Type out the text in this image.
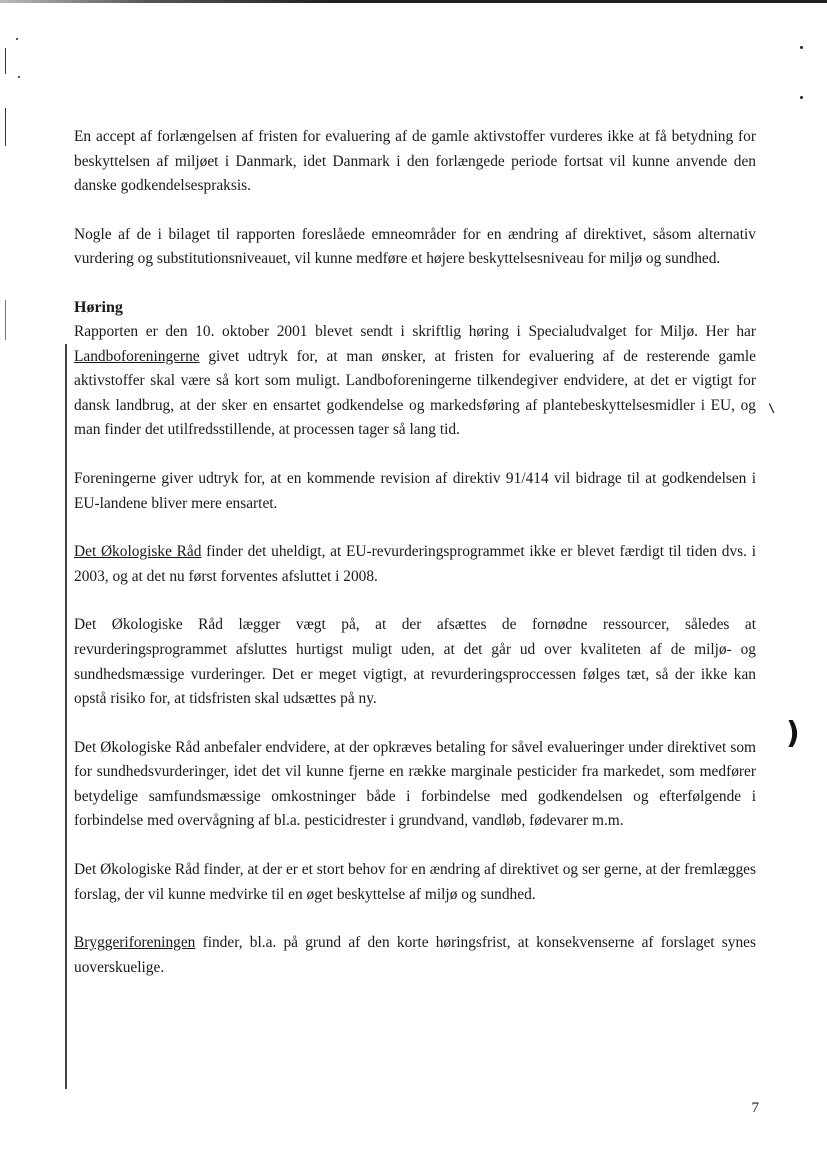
⸜
)

En accept af forlængelsen af fristen for evaluering af de gamle aktivstoffer vurderes ikke at få betydning for beskyttelsen af miljøet i Danmark, idet Danmark i den forlængede periode fortsat vil kunne anvende den danske godkendelsespraksis.

Nogle af de i bilaget til rapporten foreslåede emneområder for en ændring af direktivet, såsom alternativ vurdering og substitutionsniveauet, vil kunne medføre et højere beskyttelsesniveau for miljø og sundhed.

Høring

Rapporten er den 10. oktober 2001 blevet sendt i skriftlig høring i Specialudvalget for Miljø. Her har Landboforeningerne givet udtryk for, at man ønsker, at fristen for evaluering af de resterende gamle aktivstoffer skal være så kort som muligt. Landboforeningerne tilkendegiver endvidere, at det er vigtigt for dansk landbrug, at der sker en ensartet godkendelse og markedsføring af plantebeskyttelsesmidler i EU, og man finder det utilfredsstillende, at processen tager så lang tid.

Foreningerne giver udtryk for, at en kommende revision af direktiv 91/414 vil bidrage til at godkendelsen i EU-landene bliver mere ensartet.

Det Økologiske Råd finder det uheldigt, at EU-revurderingsprogrammet ikke er blevet færdigt til tiden dvs. i 2003, og at det nu først forventes afsluttet i 2008.

Det Økologiske Råd lægger vægt på, at der afsættes de fornødne ressourcer, således at revurderingsprogrammet afsluttes hurtigst muligt uden, at det går ud over kvaliteten af de miljø- og sundhedsmæssige vurderinger. Det er meget vigtigt, at revurderingsproccessen følges tæt, så der ikke kan opstå risiko for, at tidsfristen skal udsættes på ny.

Det Økologiske Råd anbefaler endvidere, at der opkræves betaling for såvel evalueringer under direktivet som for sundhedsvurderinger, idet det vil kunne fjerne en række marginale pesticider fra markedet, som medfører betydelige samfundsmæssige omkostninger både i forbindelse med godkendelsen og efterfølgende i forbindelse med overvågning af bl.a. pesticidrester i grundvand, vandløb, fødevarer m.m.

Det Økologiske Råd finder, at der er et stort behov for en ændring af direktivet og ser gerne, at der fremlægges forslag, der vil kunne medvirke til en øget beskyttelse af miljø og sundhed.

Bryggeriforeningen finder, bl.a. på grund af den korte høringsfrist, at konsekvenserne af forslaget synes uoverskuelige.

7
